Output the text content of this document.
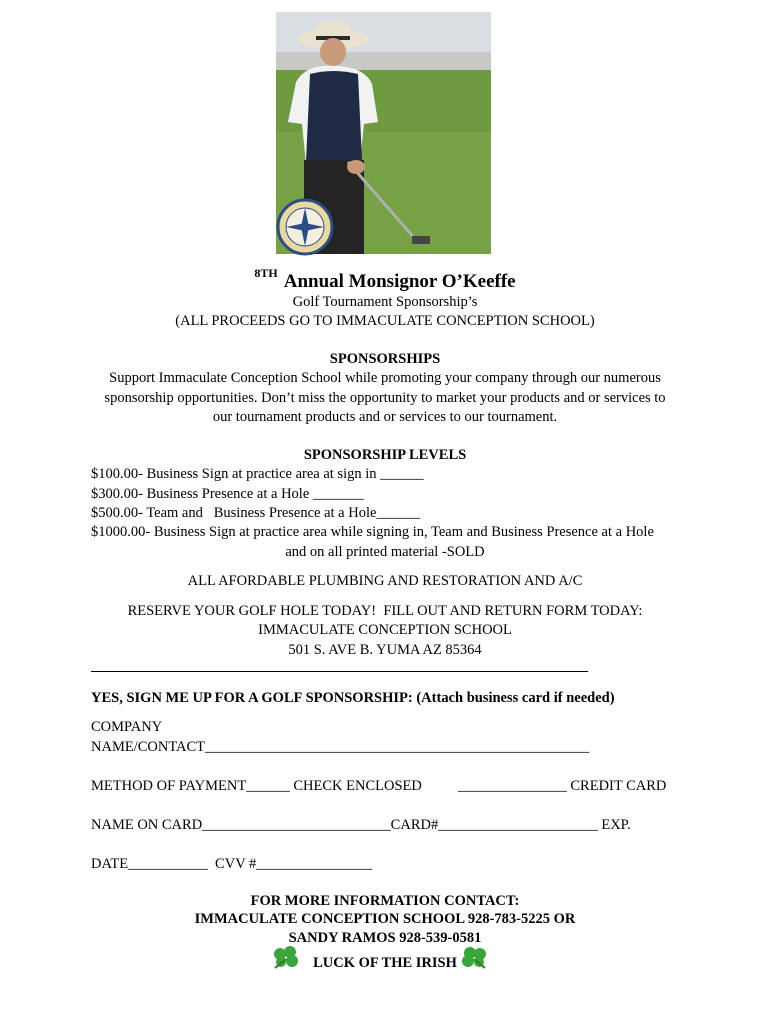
$^{8TH}$ Annual Monsignor O’Keeffe
Golf Tournament Sponsorship’s
(ALL PROCEEDS GO TO IMMACULATE CONCEPTION SCHOOL)
SPONSORSHIPS
Support Immaculate Conception School while promoting your company through our numerous
sponsorship opportunities. Don’t miss the opportunity to market your products and or services to
our tournament products and or services to our tournament.
SPONSORSHIP LEVELS
$100.00- Business Sign at practice area at sign in ______
$300.00- Business Presence at a Hole _______
$500.00- Team and   Business Presence at a Hole______
$1000.00- Business Sign at practice area while signing in, Team and Business Presence at a Hole
and on all printed material -SOLD
ALL AFORDABLE PLUMBING AND RESTORATION AND A/C
RESERVE YOUR GOLF HOLE TODAY!  FILL OUT AND RETURN FORM TODAY:
IMMACULATE CONCEPTION SCHOOL
501 S. AVE B. YUMA AZ 85364
YES, SIGN ME UP FOR A GOLF SPONSORSHIP: (Attach business card if needed)
COMPANY
NAME/CONTACT_____________________________________________________
METHOD OF PAYMENT______ CHECK ENCLOSED _______________ CREDIT CARD
NAME ON CARD__________________________CARD#______________________ EXP.
DATE___________  CVV #________________
FOR MORE INFORMATION CONTACT:
IMMACULATE CONCEPTION SCHOOL 928-783-5225 OR
SANDY RAMOS 928-539-0581
LUCK OF THE IRISH
